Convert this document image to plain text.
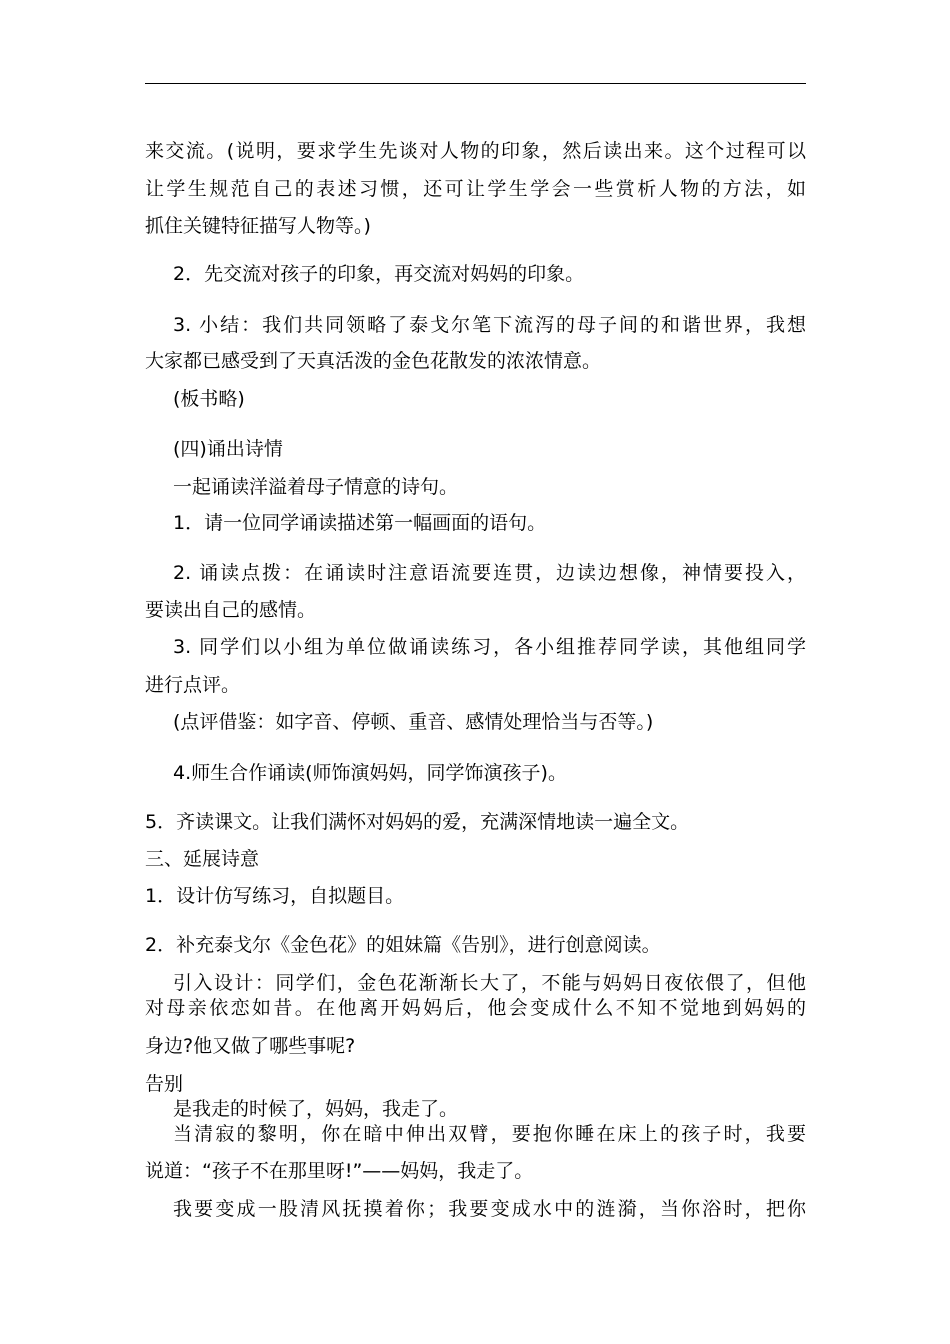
来交流。(说明，要求学生先谈对人物的印象，然后读出来。这个过程可以
让学生规范自己的表述习惯，还可让学生学会一些赏析人物的方法，如
抓住关键特征描写人物等。)
2．先交流对孩子的印象，再交流对妈妈的印象。
3. 小结：我们共同领略了泰戈尔笔下流泻的母子间的和谐世界，我想
大家都已感受到了天真活泼的金色花散发的浓浓情意。
(板书略)
(四)诵出诗情
一起诵读洋溢着母子情意的诗句。
1．请一位同学诵读描述第一幅画面的语句。
2. 诵读点拨：在诵读时注意语流要连贯，边读边想像，神情要投入，
要读出自己的感情。
3. 同学们以小组为单位做诵读练习，各小组推荐同学读，其他组同学
进行点评。
(点评借鉴：如字音、停顿、重音、感情处理恰当与否等。)
4.师生合作诵读(师饰演妈妈，同学饰演孩子)。
5．齐读课文。让我们满怀对妈妈的爱，充满深情地读一遍全文。
三、延展诗意
1．设计仿写练习，自拟题目。
2．补充泰戈尔《金色花》的姐妹篇《告别》，进行创意阅读。
引入设计：同学们，金色花渐渐长大了，不能与妈妈日夜依偎了，但他
对母亲依恋如昔。在他离开妈妈后，他会变成什么不知不觉地到妈妈的
身边?他又做了哪些事呢?
告别
是我走的时候了，妈妈，我走了。
当清寂的黎明，你在暗中伸出双臂，要抱你睡在床上的孩子时，我要
说道：“孩子不在那里呀!”——妈妈，我走了。
我要变成一股清风抚摸着你；我要变成水中的涟漪，当你浴时，把你
